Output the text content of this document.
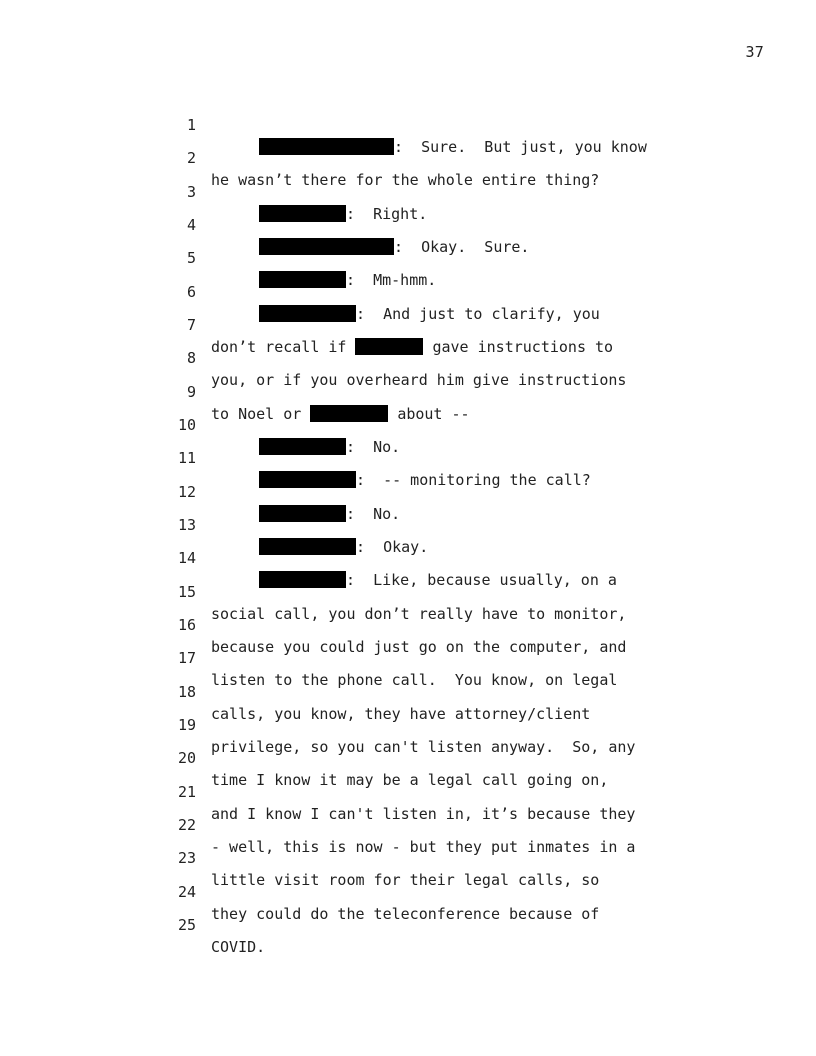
37

1

:  Sure.  But just, you know

2

he wasn’t there for the whole entire thing?

3

:  Right.

4

:  Okay.  Sure.

5

:  Mm-hmm.

6

:  And just to clarify, you

7

don’t recall if	gave instructions to

8

you, or if you overheard him give instructions

9

to Noel or	about --

10

:  No.

11

:  -- monitoring the call?

12

:  No.

13

:  Okay.

14

:  Like, because usually, on a

15

social call, you don’t really have to monitor,

16

because you could just go on the computer, and

17

listen to the phone call.  You know, on legal

18

calls, you know, they have attorney/client

19

privilege, so you can't listen anyway.  So, any

20

time I know it may be a legal call going on,

21

and I know I can't listen in, it’s because they

22

- well, this is now - but they put inmates in a

23

little visit room for their legal calls, so

24

they could do the teleconference because of

25

COVID.
